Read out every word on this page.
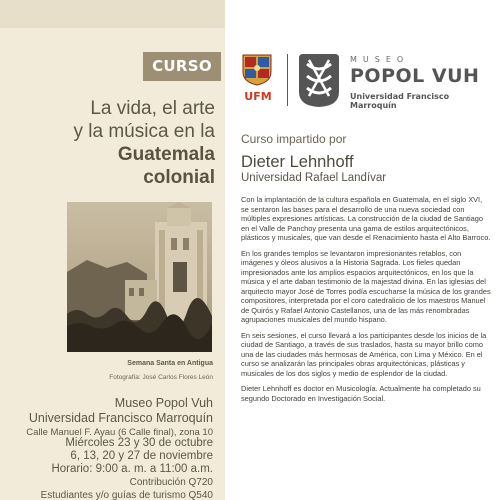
CURSO
La vida, el arte
y la música en la
Guatemala
colonial
Semana Santa en Antigua
Fotografía: José Carlos Flores León
Museo Popol Vuh
Universidad Francisco Marroquín
Calle Manuel F. Ayau (6 Calle final), zona 10
Miércoles 23 y 30 de octubre
6, 13, 20 y 27 de noviembre
Horario: 9:00 a. m. a 11:00 a.m.
Contribución Q720
Estudiantes y/o guías de turismo Q540
UFM
MUSEO
POPOL VUH
Universidad Francisco Marroquín
Curso impartido por
Dieter Lehnhoff
Universidad Rafael Landívar

Con la implantación de la cultura española en Guatemala, en el siglo XVI, se sentaron las bases para el desarrollo de una nueva sociedad con múltiples expresiones artísticas. La construcción de la ciudad de Santiago en el Valle de Panchoy presenta una gama de estilos arquitectónicos, plásticos y musicales, que van desde el Renacimiento hasta el Alto Barroco.

En los grandes templos se levantaron impresionantes retablos, con imágenes y óleos alusivos a la Historia Sagrada. Los fieles quedan impresionados ante los amplios espacios arquitectónicos, en los que la música y el arte daban testimonio de la majestad divina. En las iglesias del arquitecto mayor José de Torres podía escucharse la música de los grandes compositores, interpretada por el coro catedralicio de los maestros Manuel de Quirós y Rafael Antonio Castellanos, una de las más renombradas agrupaciones musicales del mundo hispano.

En seis sesiones, el curso llevará a los participantes desde los inicios de la ciudad de Santiago, a través de sus traslados, hasta su mayor brillo como una de las ciudades más hermosas de América, con Lima y México. En el curso se analizarán las principales obras arquitectónicas, plásticas y musicales de los dos siglos y medio de esplendor de la ciudad.

Dieter Lehnhoff es doctor en Musicología. Actualmente ha completado su segundo Doctorado en Investigación Social.
